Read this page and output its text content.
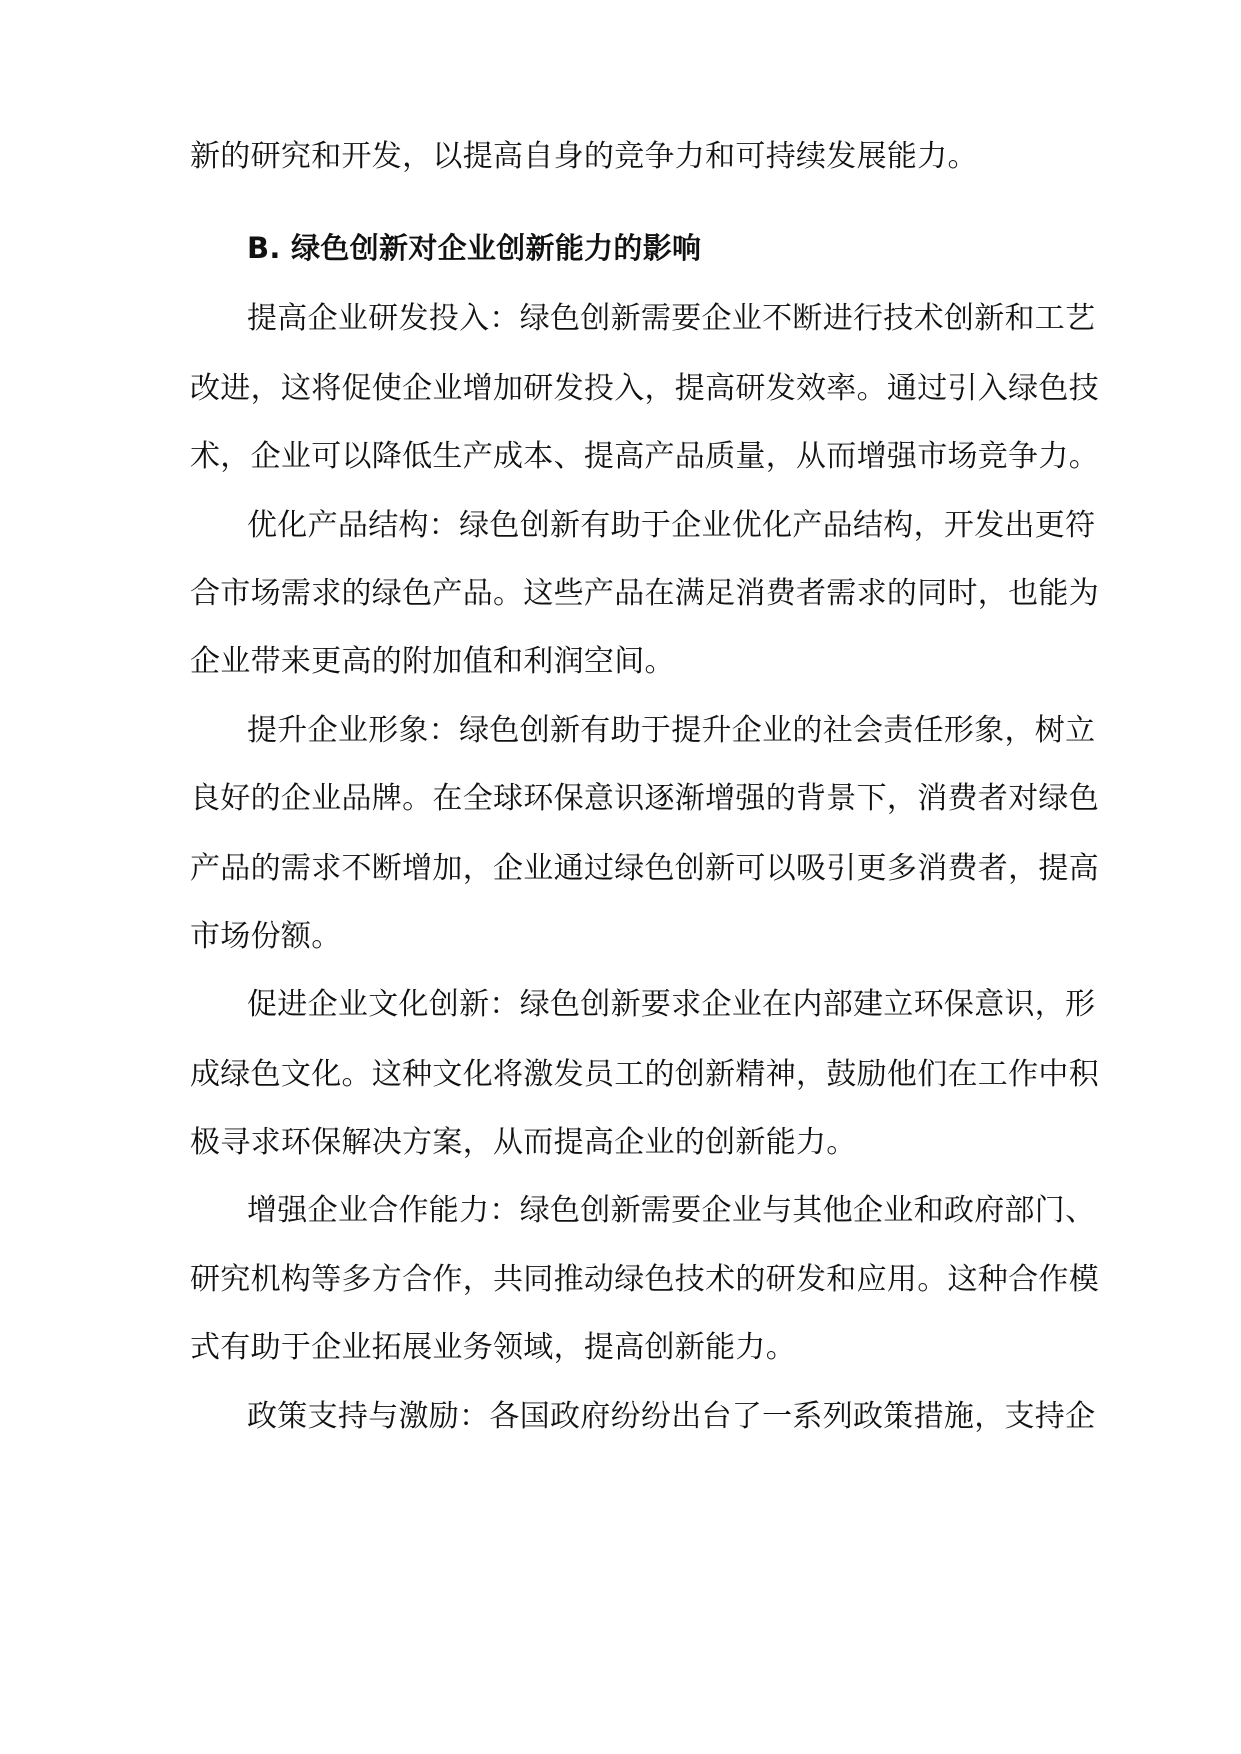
新的研究和开发，以提高自身的竞争力和可持续发展能力。
B. 绿色创新对企业创新能力的影响
提高企业研发投入：绿色创新需要企业不断进行技术创新和工艺
改进，这将促使企业增加研发投入，提高研发效率。通过引入绿色技
术，企业可以降低生产成本、提高产品质量，从而增强市场竞争力。
优化产品结构：绿色创新有助于企业优化产品结构，开发出更符
合市场需求的绿色产品。这些产品在满足消费者需求的同时，也能为
企业带来更高的附加值和利润空间。
提升企业形象：绿色创新有助于提升企业的社会责任形象，树立
良好的企业品牌。在全球环保意识逐渐增强的背景下，消费者对绿色
产品的需求不断增加，企业通过绿色创新可以吸引更多消费者，提高
市场份额。
促进企业文化创新：绿色创新要求企业在内部建立环保意识，形
成绿色文化。这种文化将激发员工的创新精神，鼓励他们在工作中积
极寻求环保解决方案，从而提高企业的创新能力。
增强企业合作能力：绿色创新需要企业与其他企业和政府部门、
研究机构等多方合作，共同推动绿色技术的研发和应用。这种合作模
式有助于企业拓展业务领域，提高创新能力。
政策支持与激励：各国政府纷纷出台了一系列政策措施，支持企
